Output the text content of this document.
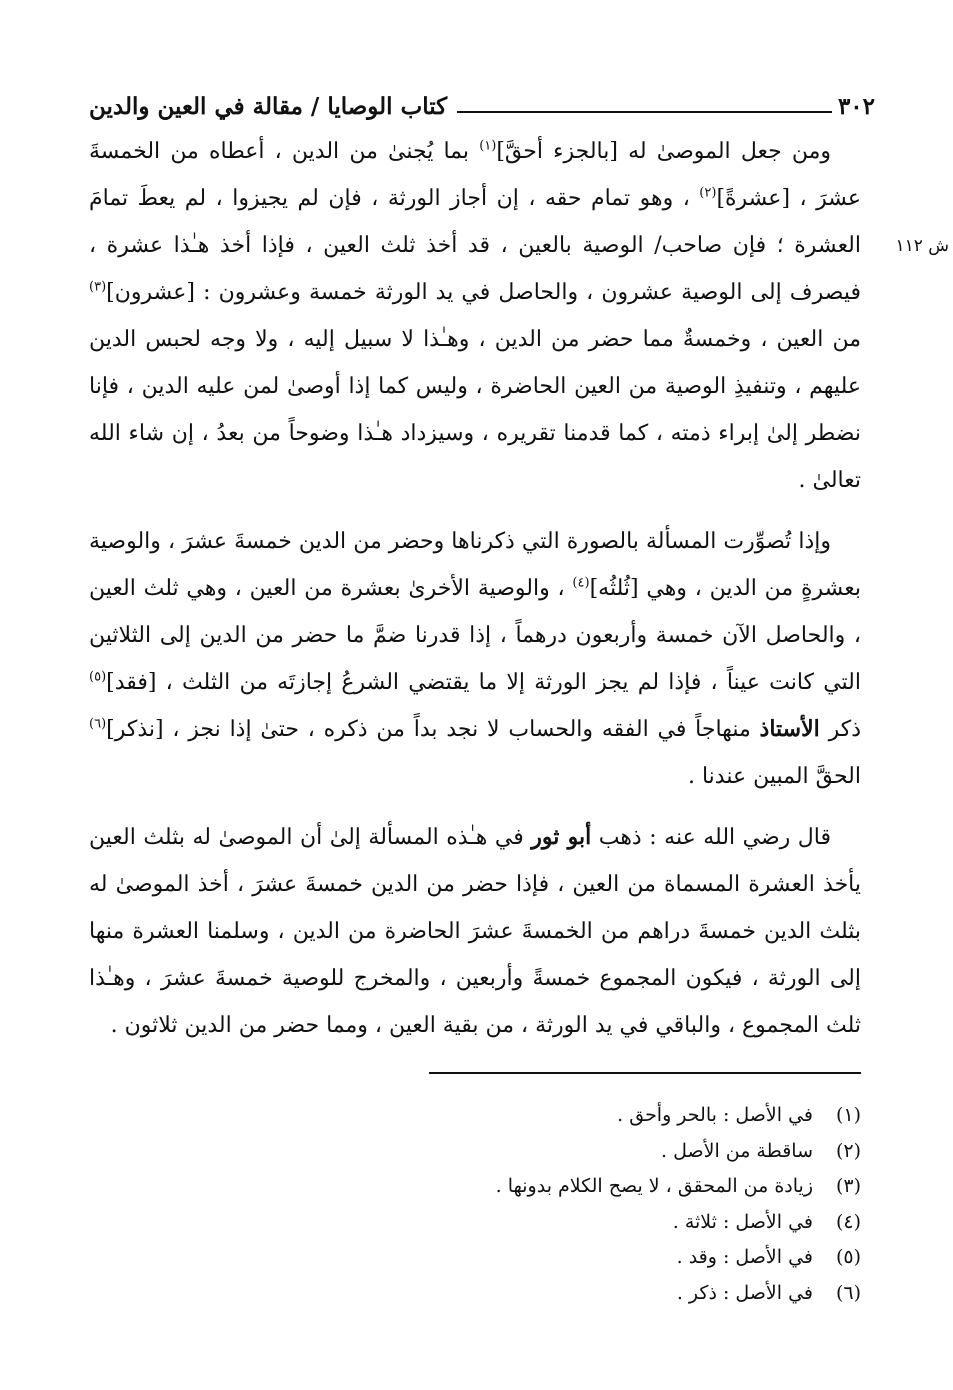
٣٠٢
كتاب الوصايا / مقالة في العين والدين
ش ١١٢

ومن جعل الموصىٰ له [بالجزء أحقَّ]$^{(١)}$ بما يُجنىٰ من الدين ، أعطاه من الخمسةَ عشرَ ، [عشرةً]$^{(٢)}$ ، وهو تمام حقه ، إن أجاز الورثة ، فإن لم يجيزوا ، لم يعطَ تمامَ العشرة ؛ فإن صاحب/ الوصية بالعين ، قد أخذ ثلث العين ، فإذا أخذ هـٰذا عشرة ، فيصرف إلى الوصية عشرون ، والحاصل في يد الورثة خمسة وعشرون : [عشرون]$^{(٣)}$ من العين ، وخمسةٌ مما حضر من الدين ، وهـٰذا لا سبيل إليه ، ولا وجه لحبس الدين عليهم ، وتنفيذِ الوصية من العين الحاضرة ، وليس كما إذا أوصىٰ لمن عليه الدين ، فإنا نضطر إلىٰ إبراء ذمته ، كما قدمنا تقريره ، وسيزداد هـٰذا وضوحاً من بعدُ ، إن شاء الله تعالىٰ .

وإذا تُصوِّرت المسألة بالصورة التي ذكرناها وحضر من الدين خمسةَ عشرَ ، والوصية بعشرةٍ من الدين ، وهي [ثُلثُه]$^{(٤)}$ ، والوصية الأخرىٰ بعشرة من العين ، وهي ثلث العين ، والحاصل الآن خمسة وأربعون درهماً ، إذا قدرنا ضمَّ ما حضر من الدين إلى الثلاثين التي كانت عيناً ، فإذا لم يجز الورثة إلا ما يقتضي الشرعُ إجازتَه من الثلث ، [فقد]$^{(٥)}$ ذكر الأستاذ منهاجاً في الفقه والحساب لا نجد بداً من ذكره ، حتىٰ إذا نجز ، [نذكر]$^{(٦)}$ الحقَّ المبين عندنا .

قال رضي الله عنه : ذهب أبو ثور في هـٰذه المسألة إلىٰ أن الموصىٰ له بثلث العين يأخذ العشرة المسماة من العين ، فإذا حضر من الدين خمسةَ عشرَ ، أخذ الموصىٰ له بثلث الدين خمسةَ دراهم من الخمسةَ عشرَ الحاضرة من الدين ، وسلمنا العشرة منها إلى الورثة ، فيكون المجموع خمسةً وأربعين ، والمخرج للوصية خمسةَ عشرَ ، وهـٰذا ثلث المجموع ، والباقي في يد الورثة ، من بقية العين ، ومما حضر من الدين ثلاثون .

(١)
في الأصل : بالحر وأحق .
(٢)
ساقطة من الأصل .
(٣)
زيادة من المحقق ، لا يصح الكلام بدونها .
(٤)
في الأصل : ثلاثة .
(٥)
في الأصل : وقد .
(٦)
في الأصل : ذكر .
